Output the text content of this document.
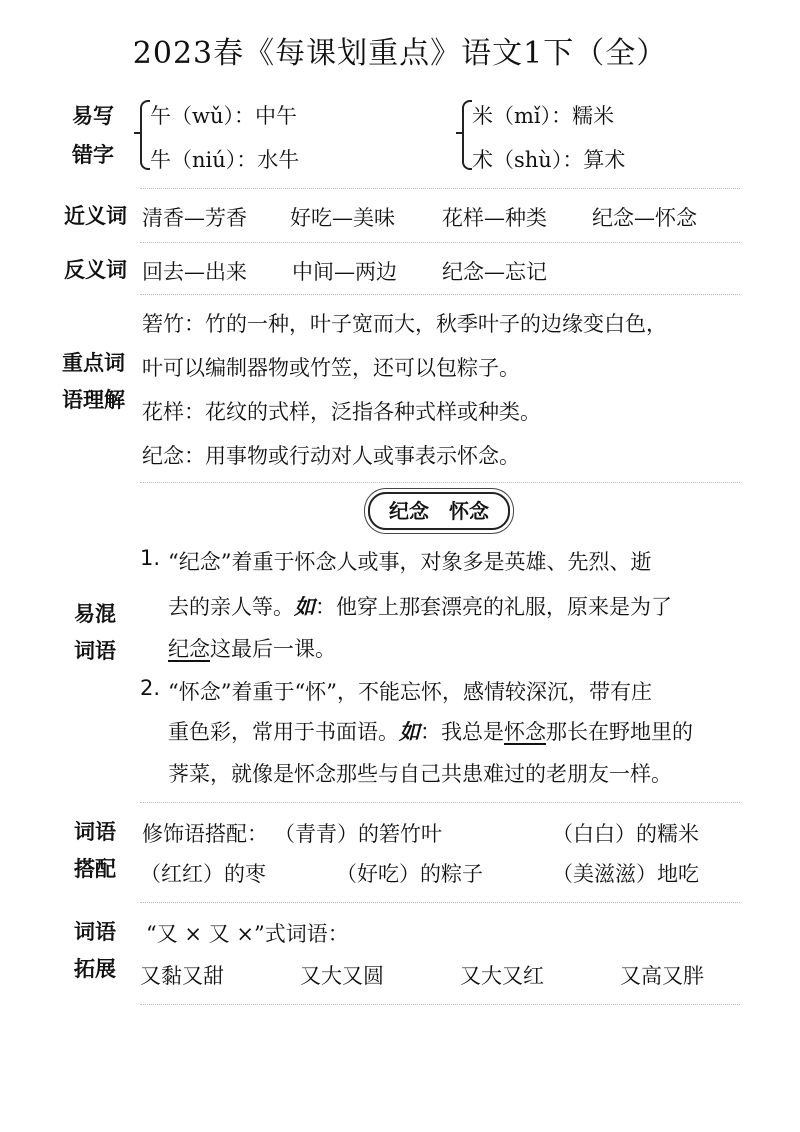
2023春《每课划重点》语文1下（全）
易写
错字
午（wǔ）：中午
牛（niú）：水牛
米（mǐ）：糯米
术（shù）：算术
近义词 清香—芳香 好吃—美味 花样—种类 纪念—怀念
反义词 回去—出来 中间—两边 纪念—忘记
重点词
语理解
箬竹：竹的一种，叶子宽而大，秋季叶子的边缘变白色，
叶可以编制器物或竹笠，还可以包粽子。
花样：花纹的式样，泛指各种式样或种类。
纪念：用事物或行动对人或事表示怀念。
纪念　怀念
易混
词语
1. “纪念”着重于怀念人或事，对象多是英雄、先烈、逝
去的亲人等。如：他穿上那套漂亮的礼服，原来是为了
纪念这最后一课。
2. “怀念”着重于“怀”，不能忘怀，感情较深沉，带有庄
重色彩，常用于书面语。如：我总是怀念那长在野地里的
荠菜，就像是怀念那些与自己共患难过的老朋友一样。
词语
搭配
修饰语搭配： （青青）的箬竹叶	（白白）的糯米
（红红）的枣	（好吃）的粽子	（美滋滋）地吃
词语
拓展
“又 × 又 ×”式词语：
又黏又甜	又大又圆	又大又红	又高又胖
